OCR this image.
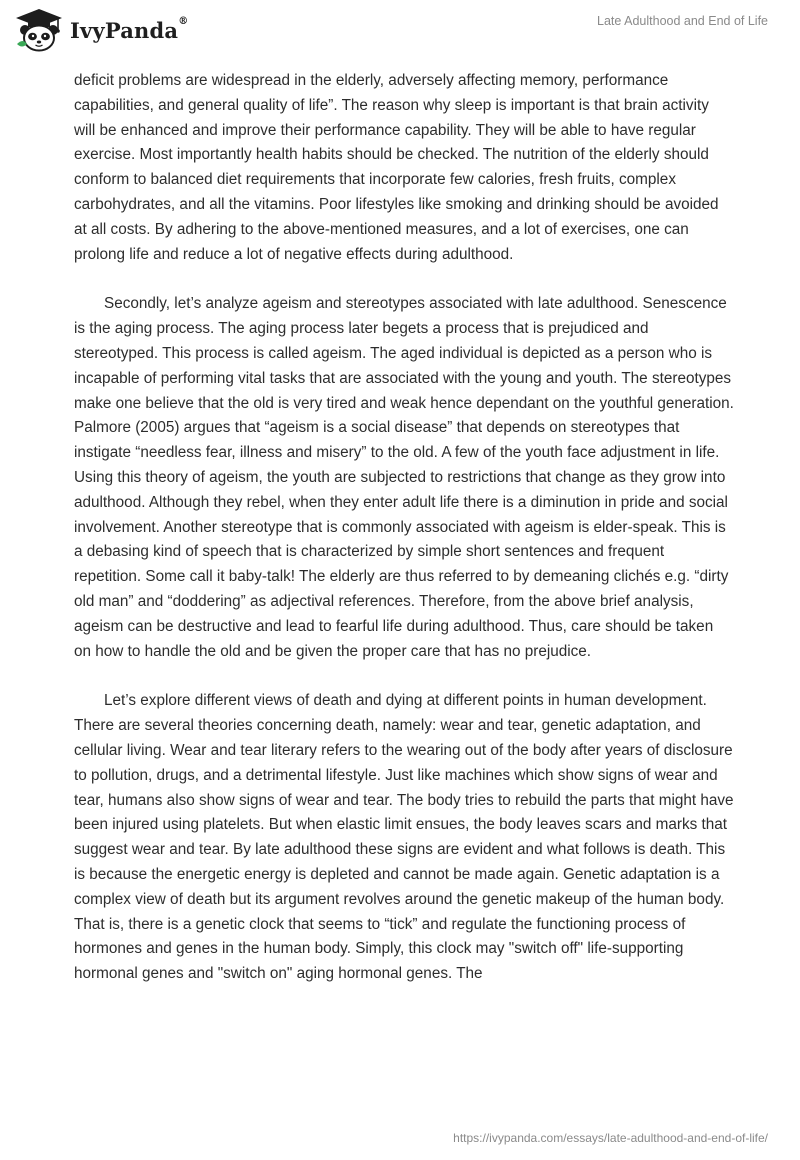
IvyPanda®	Late Adulthood and End of Life

deficit problems are widespread in the elderly, adversely affecting memory, performance capabilities, and general quality of life”. The reason why sleep is important is that brain activity will be enhanced and improve their performance capability. They will be able to have regular exercise. Most importantly health habits should be checked. The nutrition of the elderly should conform to balanced diet requirements that incorporate few calories, fresh fruits, complex carbohydrates, and all the vitamins. Poor lifestyles like smoking and drinking should be avoided at all costs. By adhering to the above-mentioned measures, and a lot of exercises, one can prolong life and reduce a lot of negative effects during adulthood.

Secondly, let’s analyze ageism and stereotypes associated with late adulthood. Senescence is the aging process. The aging process later begets a process that is prejudiced and stereotyped. This process is called ageism. The aged individual is depicted as a person who is incapable of performing vital tasks that are associated with the young and youth. The stereotypes make one believe that the old is very tired and weak hence dependant on the youthful generation. Palmore (2005) argues that “ageism is a social disease” that depends on stereotypes that instigate “needless fear, illness and misery” to the old. A few of the youth face adjustment in life. Using this theory of ageism, the youth are subjected to restrictions that change as they grow into adulthood. Although they rebel, when they enter adult life there is a diminution in pride and social involvement. Another stereotype that is commonly associated with ageism is elder-speak. This is a debasing kind of speech that is characterized by simple short sentences and frequent repetition. Some call it baby-talk! The elderly are thus referred to by demeaning clichés e.g. “dirty old man” and “doddering” as adjectival references. Therefore, from the above brief analysis, ageism can be destructive and lead to fearful life during adulthood. Thus, care should be taken on how to handle the old and be given the proper care that has no prejudice.

Let’s explore different views of death and dying at different points in human development. There are several theories concerning death, namely: wear and tear, genetic adaptation, and cellular living. Wear and tear literary refers to the wearing out of the body after years of disclosure to pollution, drugs, and a detrimental lifestyle. Just like machines which show signs of wear and tear, humans also show signs of wear and tear. The body tries to rebuild the parts that might have been injured using platelets. But when elastic limit ensues, the body leaves scars and marks that suggest wear and tear. By late adulthood these signs are evident and what follows is death. This is because the energetic energy is depleted and cannot be made again. Genetic adaptation is a complex view of death but its argument revolves around the genetic makeup of the human body. That is, there is a genetic clock that seems to “tick” and regulate the functioning process of hormones and genes in the human body. Simply, this clock may "switch off" life-supporting hormonal genes and "switch on" aging hormonal genes. The

https://ivypanda.com/essays/late-adulthood-and-end-of-life/
